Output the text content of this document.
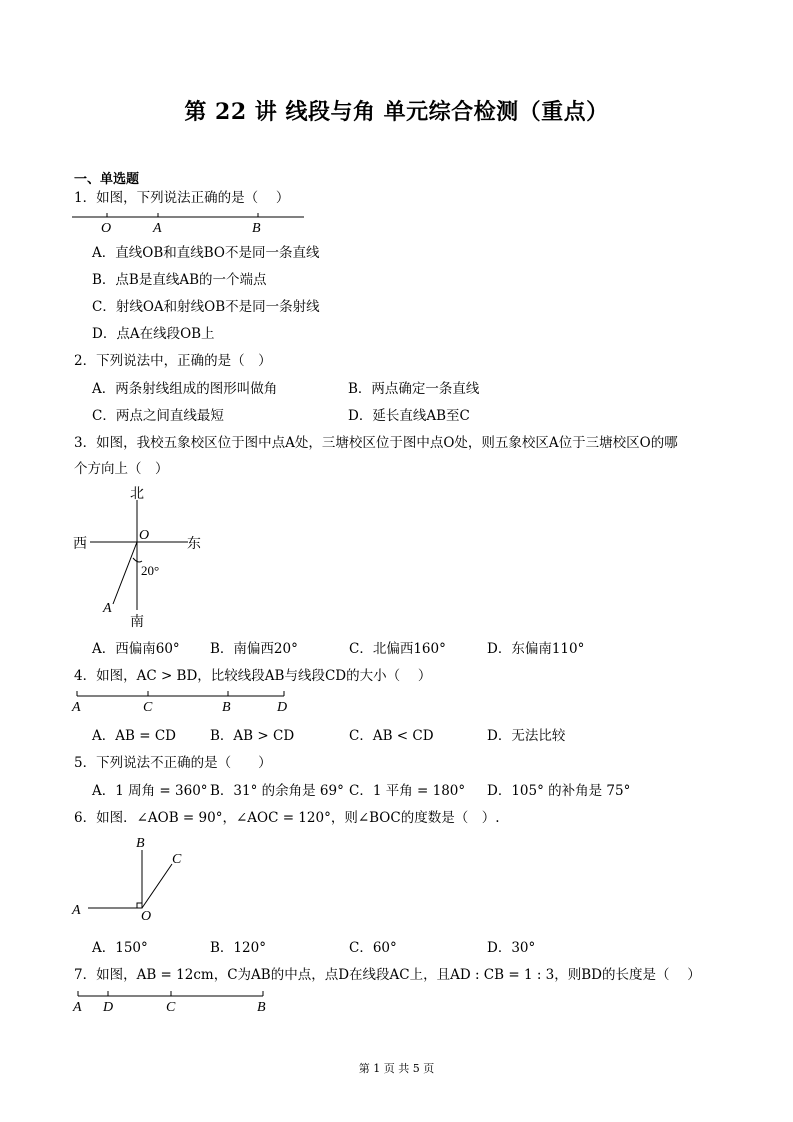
第 22 讲 线段与角 单元综合检测（重点）
一、单选题
1．如图，下列说法正确的是（　 ）
O	A	B
A．直线OB和直线BO不是同一条直线
B．点B是直线AB的一个端点
C．射线OA和射线OB不是同一条射线
D．点A在线段OB上
2．下列说法中，正确的是（　）
A．两条射线组成的图形叫做角	B．两点确定一条直线
C．两点之间直线最短	D．延长直线AB至C
3．如图，我校五象校区位于图中点A处，三塘校区位于图中点O处，则五象校区A位于三塘校区O的哪
个方向上（　）
北
西	东
南
O
A
20°
A．西偏南60° B．南偏西20°	C．北偏西160°	D．东偏南110°
4．如图，AC > BD，比较线段AB与线段CD的大小（　 ）
A	C	B	D
A．AB = CD	B．AB > CD	C．AB < CD	D．无法比较
5．下列说法不正确的是（　　）
A．1 周角 = 360° B．31° 的余角是 69° C．1 平角 = 180° D．105° 的补角是 75°
6．如图．∠AOB = 90°，∠AOC = 120°，则∠BOC的度数是（　）.
A
B
C
O
A．150°	B．120°	C．60°	D．30°
7．如图，AB = 12cm，C为AB的中点，点D在线段AC上，且AD : CB = 1 : 3，则BD的长度是（　 ）
A D	C	B
第 1 页 共 5 页
